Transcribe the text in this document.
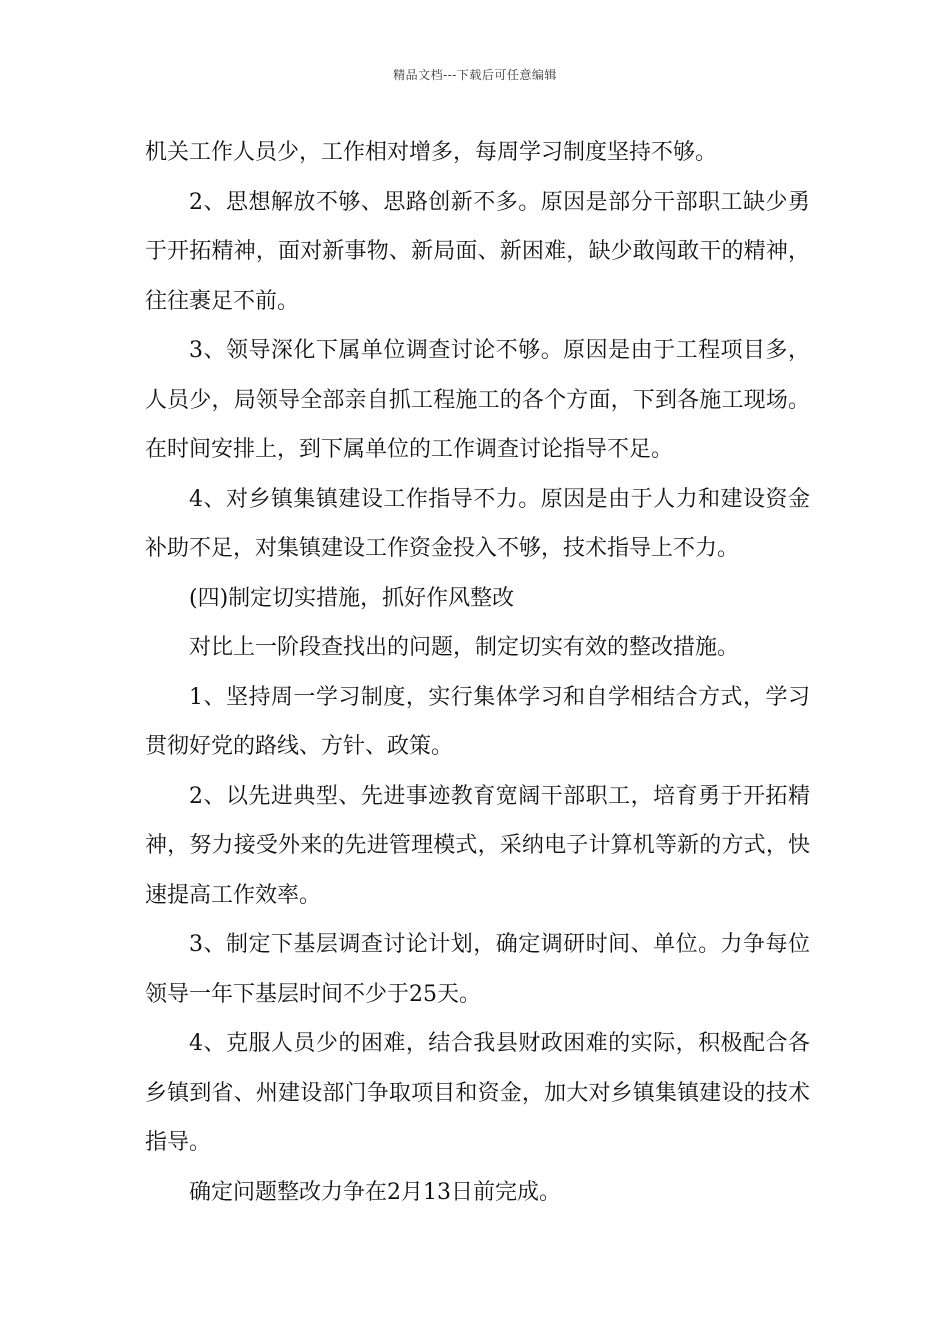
精品文档---下载后可任意编辑

机关工作人员少，工作相对增多，每周学习制度坚持不够。

2、思想解放不够、思路创新不多。原因是部分干部职工缺少勇于开拓精神，面对新事物、新局面、新困难，缺少敢闯敢干的精神，往往裹足不前。

3、领导深化下属单位调查讨论不够。原因是由于工程项目多，人员少，局领导全部亲自抓工程施工的各个方面，下到各施工现场。在时间安排上，到下属单位的工作调查讨论指导不足。

4、对乡镇集镇建设工作指导不力。原因是由于人力和建设资金补助不足，对集镇建设工作资金投入不够，技术指导上不力。

(四)制定切实措施，抓好作风整改

对比上一阶段查找出的问题，制定切实有效的整改措施。

1、坚持周一学习制度，实行集体学习和自学相结合方式，学习贯彻好党的路线、方针、政策。

2、以先进典型、先进事迹教育宽阔干部职工，培育勇于开拓精神，努力接受外来的先进管理模式，采纳电子计算机等新的方式，快速提高工作效率。

3、制定下基层调查讨论计划，确定调研时间、单位。力争每位领导一年下基层时间不少于25天。

4、克服人员少的困难，结合我县财政困难的实际，积极配合各乡镇到省、州建设部门争取项目和资金，加大对乡镇集镇建设的技术指导。

确定问题整改力争在2月13日前完成。
